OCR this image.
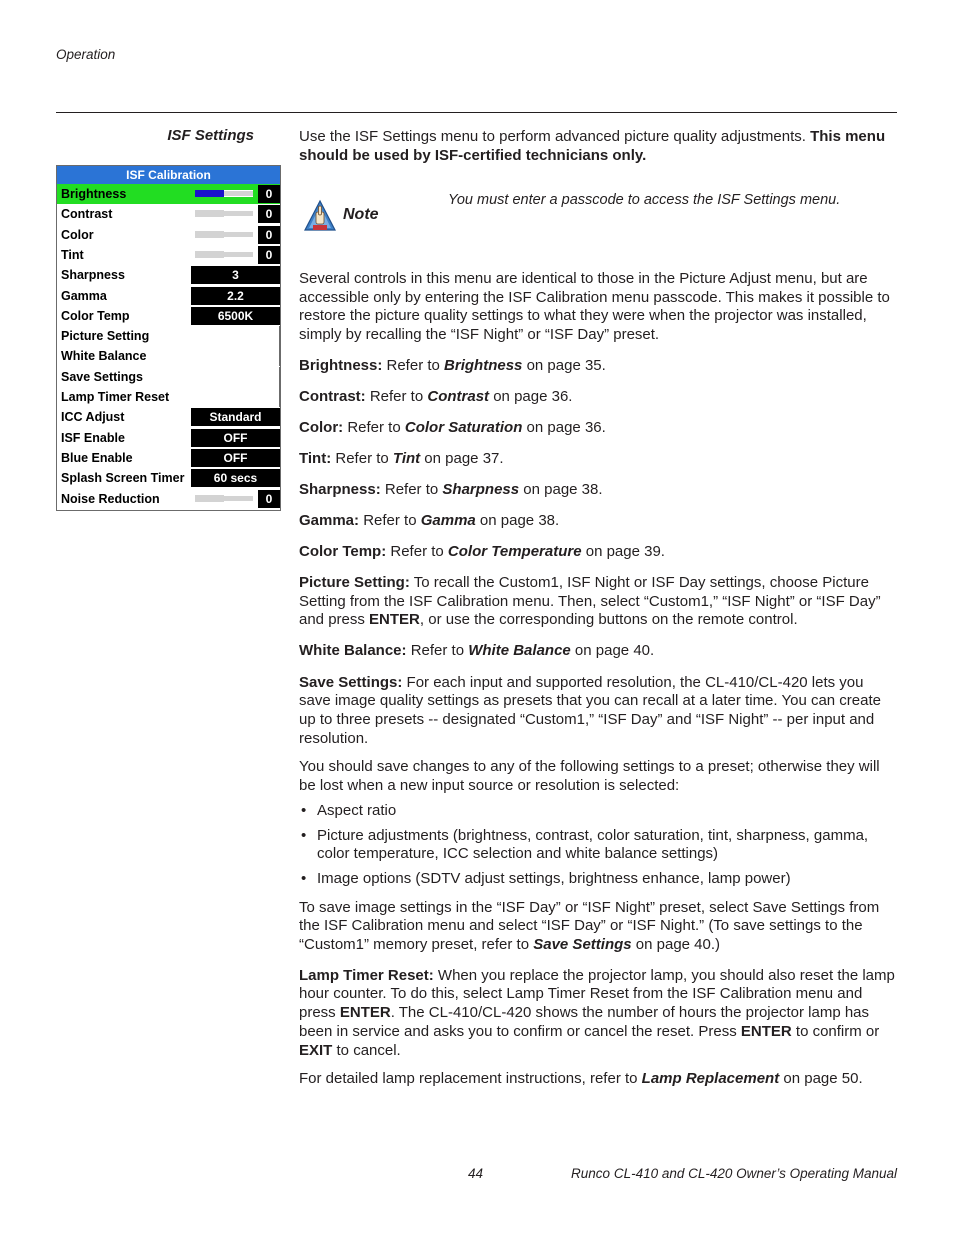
Operation
ISF Settings
ISF Calibration
Brightness	0
Contrast	0
Color	0
Tint	0
Sharpness	3
Gamma	2.2
Color Temp	6500K
Picture Setting
White Balance
Save Settings
Lamp Timer Reset
ICC Adjust	Standard
ISF Enable	OFF
Blue Enable	OFF
Splash Screen Timer	60 secs
Noise Reduction	0
Use the ISF Settings menu to perform advanced picture quality adjustments. This menu should be used by ISF-certified technicians only.
Note
You must enter a passcode to access the ISF Settings menu.

Several controls in this menu are identical to those in the Picture Adjust menu, but are accessible only by entering the ISF Calibration menu passcode. This makes it possible to restore the picture quality settings to what they were when the projector was installed, simply by recalling the “ISF Night” or “ISF Day” preset.

Brightness: Refer to Brightness on page 35.

Contrast: Refer to Contrast on page 36.

Color: Refer to Color Saturation on page 36.

Tint: Refer to Tint on page 37.

Sharpness: Refer to Sharpness on page 38.

Gamma: Refer to Gamma on page 38.

Color Temp: Refer to Color Temperature on page 39.

Picture Setting: To recall the Custom1, ISF Night or ISF Day settings, choose Picture Setting from the ISF Calibration menu. Then, select “Custom1,” “ISF Night” or “ISF Day” and press ENTER, or use the corresponding buttons on the remote control.

White Balance: Refer to White Balance on page 40.

Save Settings: For each input and supported resolution, the CL-410/CL-420 lets you save image quality settings as presets that you can recall at a later time. You can create up to three presets -- designated “Custom1,” “ISF Day” and “ISF Night” -- per input and resolution.

You should save changes to any of the following settings to a preset; otherwise they will be lost when a new input source or resolution is selected:

• Aspect ratio
• Picture adjustments (brightness, contrast, color saturation, tint, sharpness, gamma, color temperature, ICC selection and white balance settings)
• Image options (SDTV adjust settings, brightness enhance, lamp power)

To save image settings in the “ISF Day” or “ISF Night” preset, select Save Settings from the ISF Calibration menu and select “ISF Day” or “ISF Night.” (To save settings to the “Custom1” memory preset, refer to Save Settings on page 40.)

Lamp Timer Reset: When you replace the projector lamp, you should also reset the lamp hour counter. To do this, select Lamp Timer Reset from the ISF Calibration menu and press ENTER. The CL-410/CL-420 shows the number of hours the projector lamp has been in service and asks you to confirm or cancel the reset. Press ENTER to confirm or EXIT to cancel.

For detailed lamp replacement instructions, refer to Lamp Replacement on page 50.

44	Runco CL-410 and CL-420 Owner’s Operating Manual
